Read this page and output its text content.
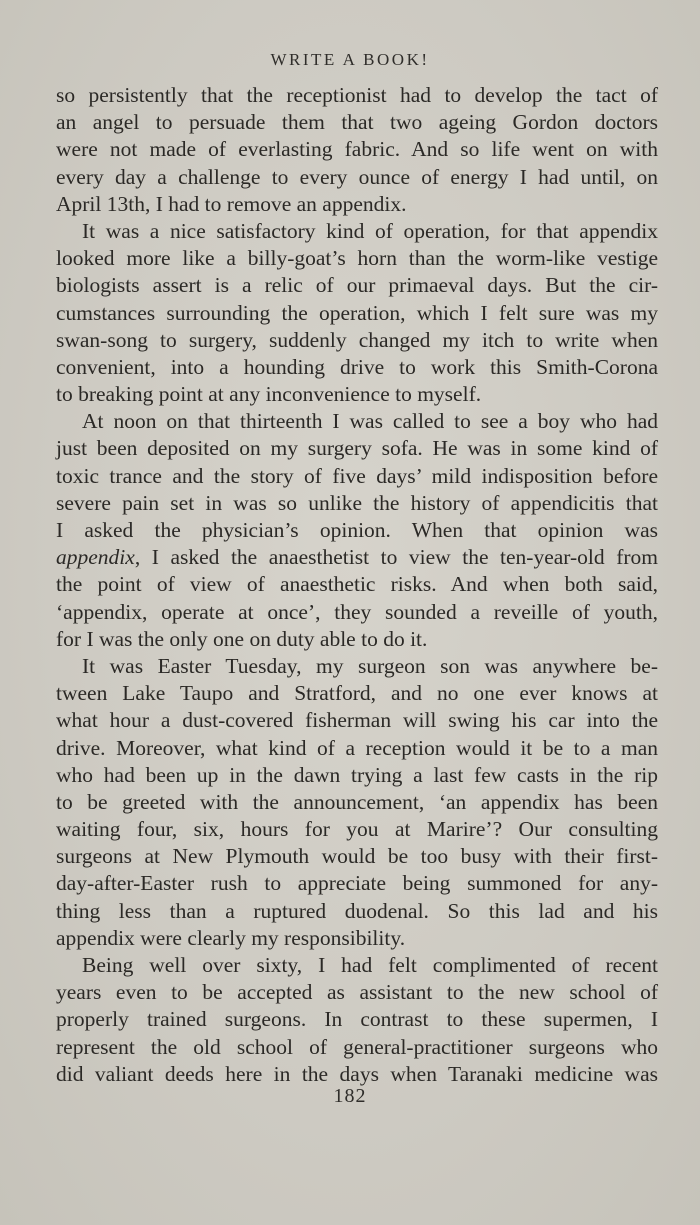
WRITE A BOOK!
so persistently that the receptionist had to develop the tact of
an angel to persuade them that two ageing Gordon doctors
were not made of everlasting fabric. And so life went on with
every day a challenge to every ounce of energy I had until, on
April 13th, I had to remove an appendix.
It was a nice satisfactory kind of operation, for that appendix
looked more like a billy-goat’s horn than the worm-like vestige
biologists assert is a relic of our primaeval days. But the cir-
cumstances surrounding the operation, which I felt sure was my
swan-song to surgery, suddenly changed my itch to write when
convenient, into a hounding drive to work this Smith-Corona
to breaking point at any inconvenience to myself.
At noon on that thirteenth I was called to see a boy who had
just been deposited on my surgery sofa. He was in some kind of
toxic trance and the story of five days’ mild indisposition before
severe pain set in was so unlike the history of appendicitis that
I asked the physician’s opinion. When that opinion was
appendix, I asked the anaesthetist to view the ten-year-old from
the point of view of anaesthetic risks. And when both said,
‘appendix, operate at once’, they sounded a reveille of youth,
for I was the only one on duty able to do it.
It was Easter Tuesday, my surgeon son was anywhere be-
tween Lake Taupo and Stratford, and no one ever knows at
what hour a dust-covered fisherman will swing his car into the
drive. Moreover, what kind of a reception would it be to a man
who had been up in the dawn trying a last few casts in the rip
to be greeted with the announcement, ‘an appendix has been
waiting four, six, hours for you at Marire’? Our consulting
surgeons at New Plymouth would be too busy with their first-
day-after-Easter rush to appreciate being summoned for any-
thing less than a ruptured duodenal. So this lad and his
appendix were clearly my responsibility.
Being well over sixty, I had felt complimented of recent
years even to be accepted as assistant to the new school of
properly trained surgeons. In contrast to these supermen, I
represent the old school of general-practitioner surgeons who
did valiant deeds here in the days when Taranaki medicine was
182
